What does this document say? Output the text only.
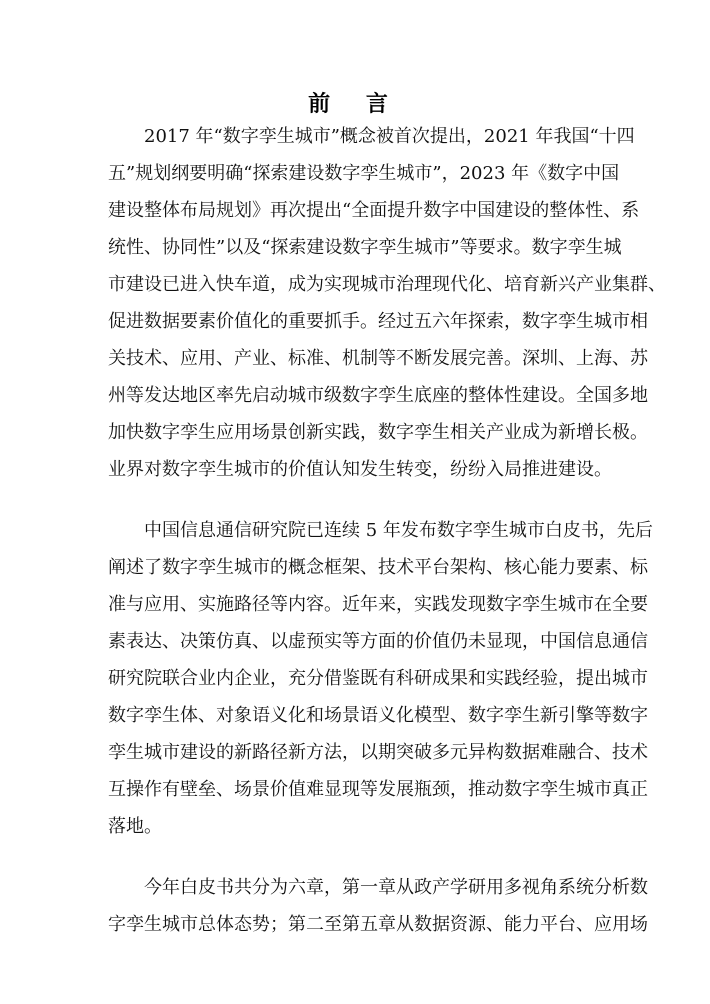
前 言
2017 年“数字孪生城市”概念被首次提出，2021 年我国“十四
五”规划纲要明确“探索建设数字孪生城市”，2023 年《数字中国
建设整体布局规划》再次提出“全面提升数字中国建设的整体性、系
统性、协同性”以及“探索建设数字孪生城市”等要求。数字孪生城
市建设已进入快车道，成为实现城市治理现代化、培育新兴产业集群、
促进数据要素价值化的重要抓手。经过五六年探索，数字孪生城市相
关技术、应用、产业、标准、机制等不断发展完善。深圳、上海、苏
州等发达地区率先启动城市级数字孪生底座的整体性建设。全国多地
加快数字孪生应用场景创新实践，数字孪生相关产业成为新增长极。
业界对数字孪生城市的价值认知发生转变，纷纷入局推进建设。
中国信息通信研究院已连续 5 年发布数字孪生城市白皮书，先后
阐述了数字孪生城市的概念框架、技术平台架构、核心能力要素、标
准与应用、实施路径等内容。近年来，实践发现数字孪生城市在全要
素表达、决策仿真、以虚预实等方面的价值仍未显现，中国信息通信
研究院联合业内企业，充分借鉴既有科研成果和实践经验，提出城市
数字孪生体、对象语义化和场景语义化模型、数字孪生新引擎等数字
孪生城市建设的新路径新方法，以期突破多元异构数据难融合、技术
互操作有壁垒、场景价值难显现等发展瓶颈，推动数字孪生城市真正
落地。
今年白皮书共分为六章，第一章从政产学研用多视角系统分析数
字孪生城市总体态势；第二至第五章从数据资源、能力平台、应用场
